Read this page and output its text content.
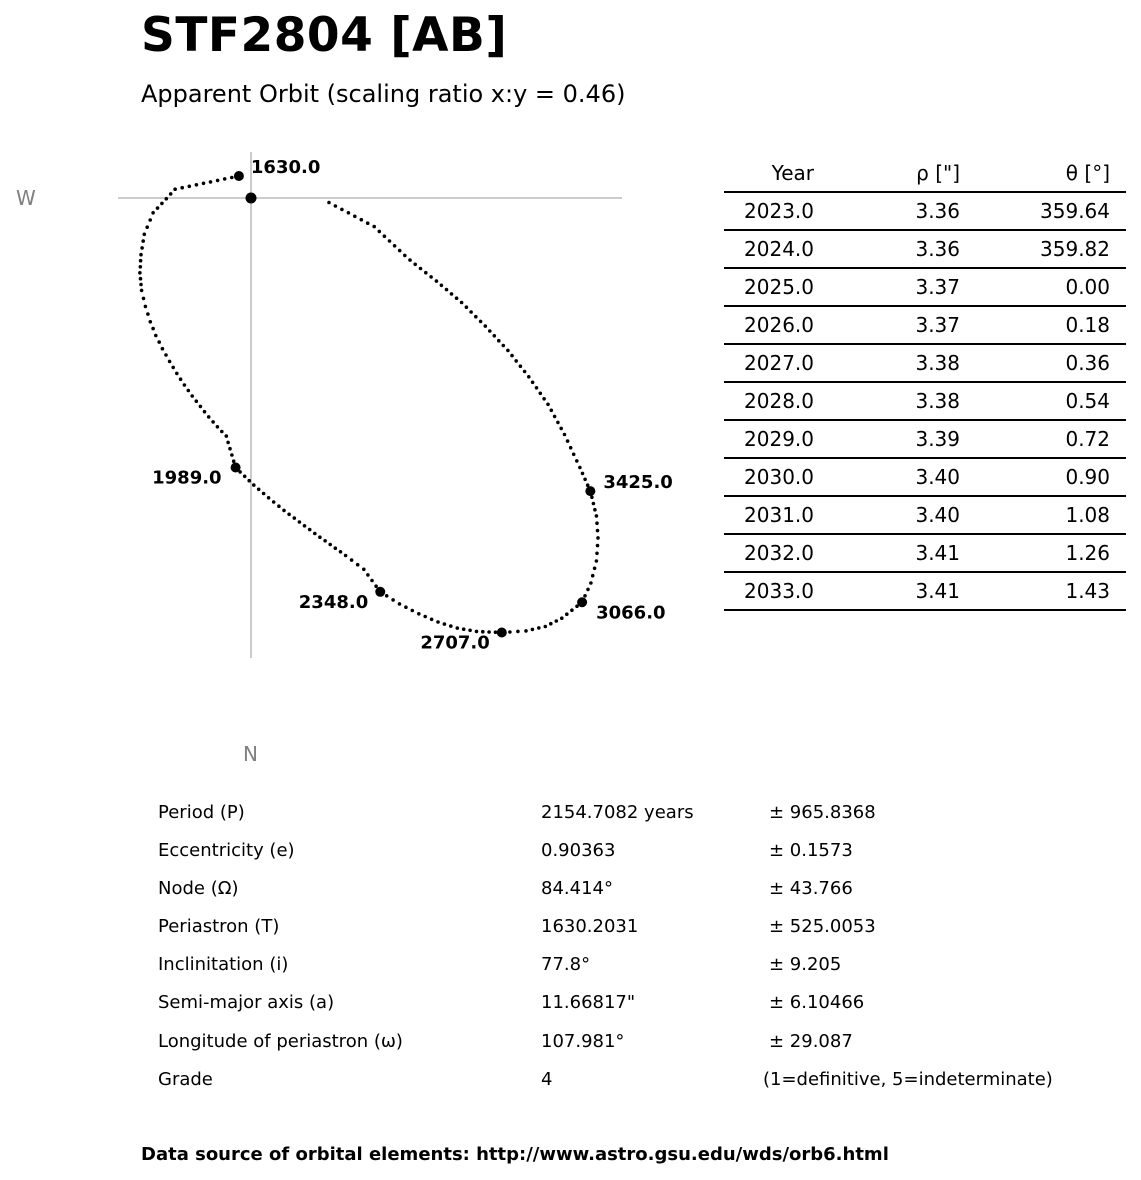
STF2804 [AB]
Apparent Orbit (scaling ratio x:y = 0.46)
W
N
1630.0
1989.0
2348.0
2707.0
3066.0
3425.0
Year	ρ ["]	θ [°]	
2023.0	3.36	359.64	
2024.0	3.36	359.82	
2025.0	3.37	0.00	
2026.0	3.37	0.18	
2027.0	3.38	0.36	
2028.0	3.38	0.54	
2029.0	3.39	0.72	
2030.0	3.40	0.90	
2031.0	3.40	1.08	
2032.0	3.41	1.26	
2033.0	3.41	1.43	
Period (P)	2154.7082 years	± 965.8368
Eccentricity (e)	0.90363	± 0.1573
Node (Ω)	84.414°	± 43.766
Periastron (T)	1630.2031	± 525.0053
Inclinitation (i)	77.8°	± 9.205
Semi-major axis (a)	11.66817"	± 6.10466
Longitude of periastron (ω)	107.981°	± 29.087
Grade	4	(1=definitive, 5=indeterminate)
Data source of orbital elements: http://www.astro.gsu.edu/wds/orb6.html
